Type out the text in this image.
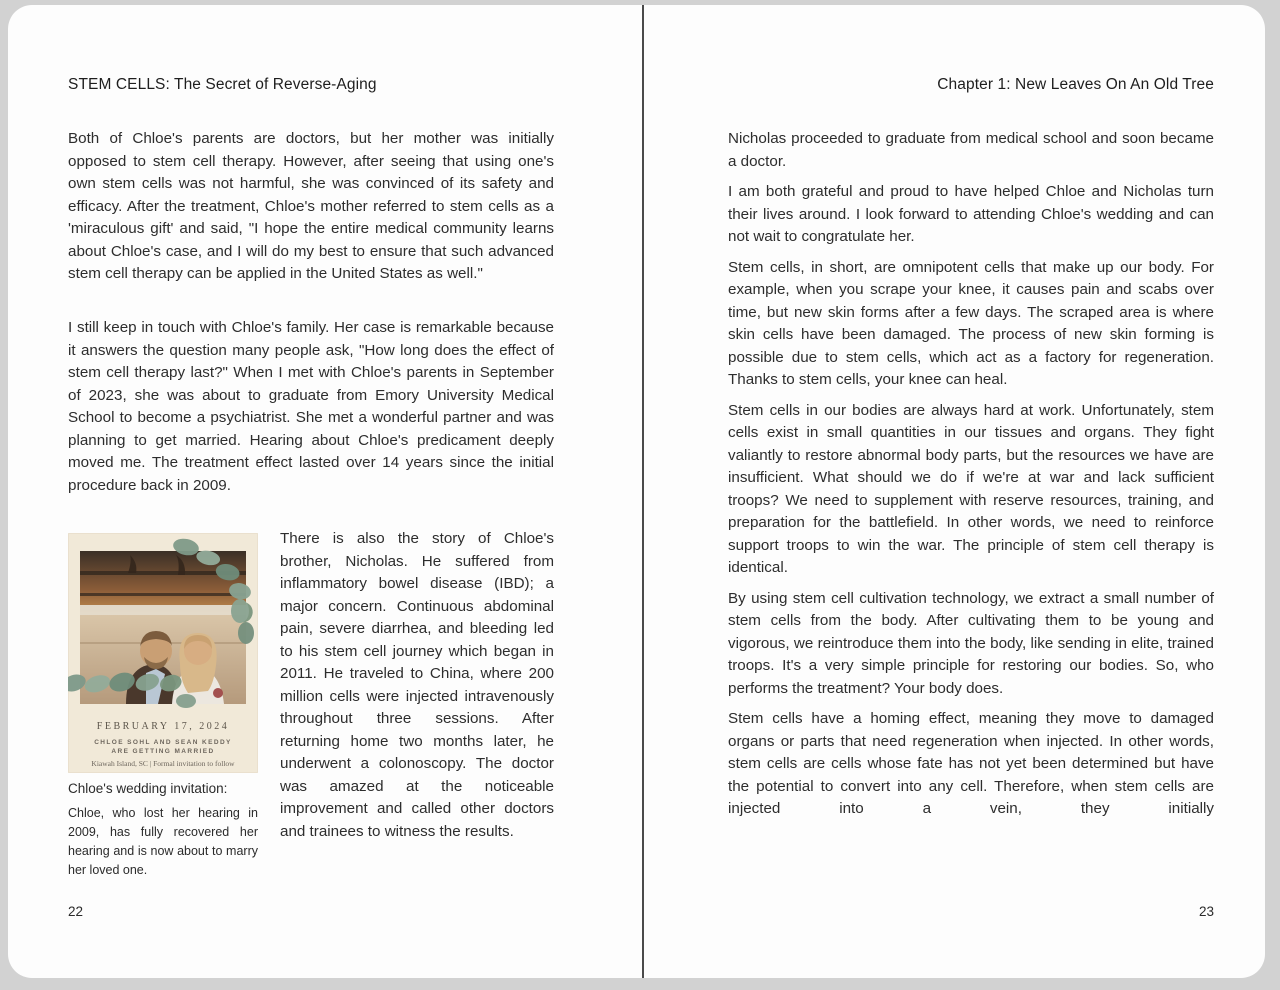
STEM CELLS: The Secret of Reverse-Aging
Both of Chloe's parents are doctors, but her mother was initially opposed to stem cell therapy. However, after seeing that using one's own stem cells was not harmful, she was convinced of its safety and efficacy. After the treatment, Chloe's mother referred to stem cells as a 'miraculous gift' and said, "I hope the entire medical community learns about Chloe's case, and I will do my best to ensure that such advanced stem cell therapy can be applied in the United States as well."
I still keep in touch with Chloe's family. Her case is remarkable because it answers the question many people ask, "How long does the effect of stem cell therapy last?" When I met with Chloe's parents in September of 2023, she was about to graduate from Emory University Medical School to become a psychiatrist. She met a wonderful partner and was planning to get married. Hearing about Chloe's predicament deeply moved me. The treatment effect lasted over 14 years since the initial procedure back in 2009.
FEBRUARY 17, 2024
CHLOE SOHL AND SEAN KEDDY
ARE GETTING MARRIED
Kiawah Island, SC | Formal invitation to follow
Chloe's wedding invitation:
Chloe, who lost her hearing in 2009, has fully recovered her hearing and is now about to marry her loved one.
There is also the story of Chloe's brother, Nicholas. He suffered from inflammatory bowel disease (IBD); a major concern. Continuous abdominal pain, severe diarrhea, and bleeding led to his stem cell journey which began in 2011. He traveled to China, where 200 million cells were injected intravenously throughout three sessions. After returning home two months later, he underwent a colonoscopy. The doctor was amazed at the noticeable improvement and called other doctors and trainees to witness the results.
22
Chapter 1: New Leaves On An Old Tree

Nicholas proceeded to graduate from medical school and soon became a doctor.

I am both grateful and proud to have helped Chloe and Nicholas turn their lives around. I look forward to attending Chloe's wedding and can not wait to congratulate her.

Stem cells, in short, are omnipotent cells that make up our body. For example, when you scrape your knee, it causes pain and scabs over time, but new skin forms after a few days. The scraped area is where skin cells have been damaged. The process of new skin forming is possible due to stem cells, which act as a factory for regeneration. Thanks to stem cells, your knee can heal.

Stem cells in our bodies are always hard at work. Unfortunately, stem cells exist in small quantities in our tissues and organs. They fight valiantly to restore abnormal body parts, but the resources we have are insufficient. What should we do if we're at war and lack sufficient troops? We need to supplement with reserve resources, training, and preparation for the battlefield. In other words, we need to reinforce support troops to win the war. The principle of stem cell therapy is identical.

By using stem cell cultivation technology, we extract a small number of stem cells from the body. After cultivating them to be young and vigorous, we reintroduce them into the body, like sending in elite, trained troops. It's a very simple principle for restoring our bodies. So, who performs the treatment? Your body does.

Stem cells have a homing effect, meaning they move to damaged organs or parts that need regeneration when injected. In other words, stem cells are cells whose fate has not yet been determined but have the potential to convert into any cell. Therefore, when stem cells are injected into a vein, they initially

23
